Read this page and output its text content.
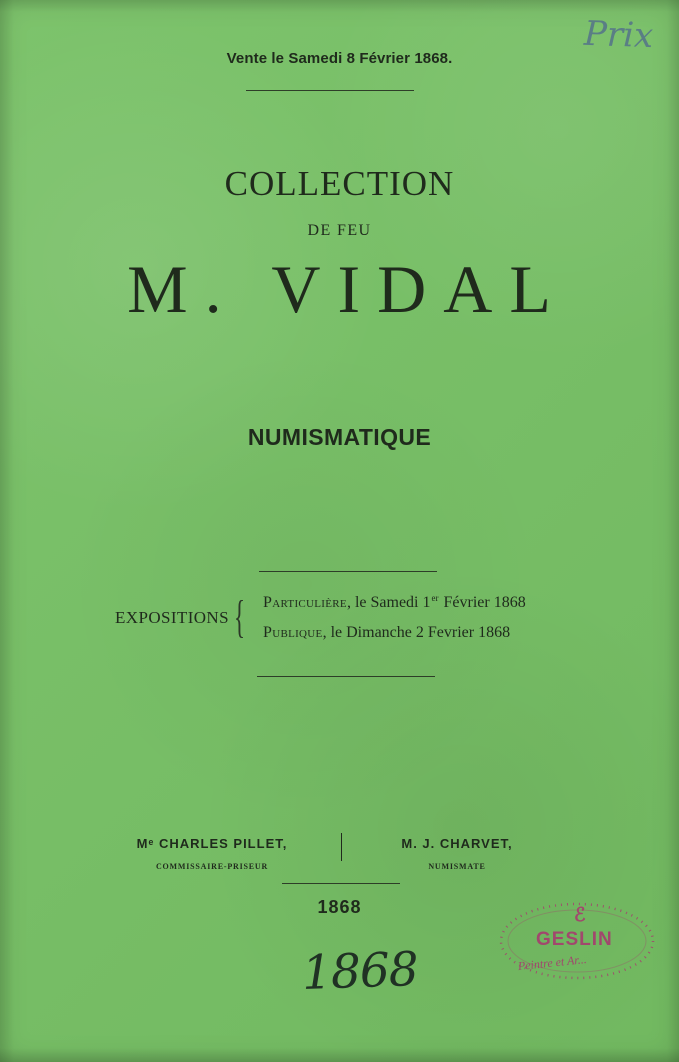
Prix
Vente le Samedi 8 Février 1868.
COLLECTION
DE FEU
M. VIDAL
NUMISMATIQUE
EXPOSITIONS { Particulière, le Samedi 1er Février 1868
Publique, le Dimanche 2 Fevrier 1868
Mᵉ CHARLES PILLET,
COMMISSAIRE-PRISEUR
M. J. CHARVET,
NUMISMATE
1868
1868
ℰ
GESLIN
Peintre et Ar...
